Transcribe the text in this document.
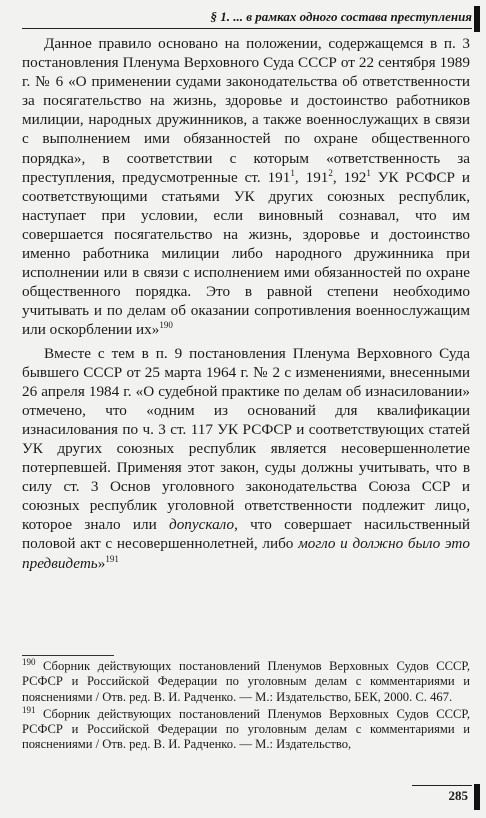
§ 1. ... в рамках одного состава преступления

Данное правило основано на положении, содержащемся в п. 3 постановления Пленума Верховного Суда СССР от 22 сентября 1989 г. № 6 «О применении судами законодательства об ответственности за посягательство на жизнь, здоровье и достоинство работников милиции, народных дружинников, а также военнослужащих в связи с выполнением ими обязанностей по охране общественного порядка», в соответствии с которым «ответственность за преступления, предусмотренные ст. $191^1$, $191^2$, $192^1$ УК РСФСР и соответствующими статьями УК других союзных республик, наступает при условии, если виновный сознавал, что им совершается посягательство на жизнь, здоровье и достоинство именно работника милиции либо народного дружинника при исполнении или в связи с исполнением ими обязанностей по охране общественного порядка. Это в равной степени необходимо учитывать и по делам об оказании сопротивления военнослужащим или оскорблении их»$^{190}$

Вместе с тем в п. 9 постановления Пленума Верховного Суда бывшего СССР от 25 марта 1964 г. № 2 с изменениями, внесенными 26 апреля 1984 г. «О судебной практике по делам об изнасиловании» отмечено, что «одним из оснований для квалификации изнасилования по ч. 3 ст. 117 УК РСФСР и соответствующих статей УК других союзных республик является несовершеннолетие потерпевшей. Применяя этот закон, суды должны учитывать, что в силу ст. 3 Основ уголовного законодательства Союза ССР и союзных республик уголовной ответственности подлежит лицо, которое знало или допускало, что совершает насильственный половой акт с несовершеннолетней, либо могло и должно было это предвидеть»$^{191}$

$^{190}$ Сборник действующих постановлений Пленумов Верховных Судов СССР, РСФСР и Российской Федерации по уголовным делам с комментариями и пояснениями / Отв. ред. В. И. Радченко. — М.: Издательство, БЕК, 2000. С. 467.

$^{191}$ Сборник действующих постановлений Пленумов Верховных Судов СССР, РСФСР и Российской Федерации по уголовным делам с комментариями и пояснениями / Отв. ред. В. И. Радченко. — М.: Издательство,

285
